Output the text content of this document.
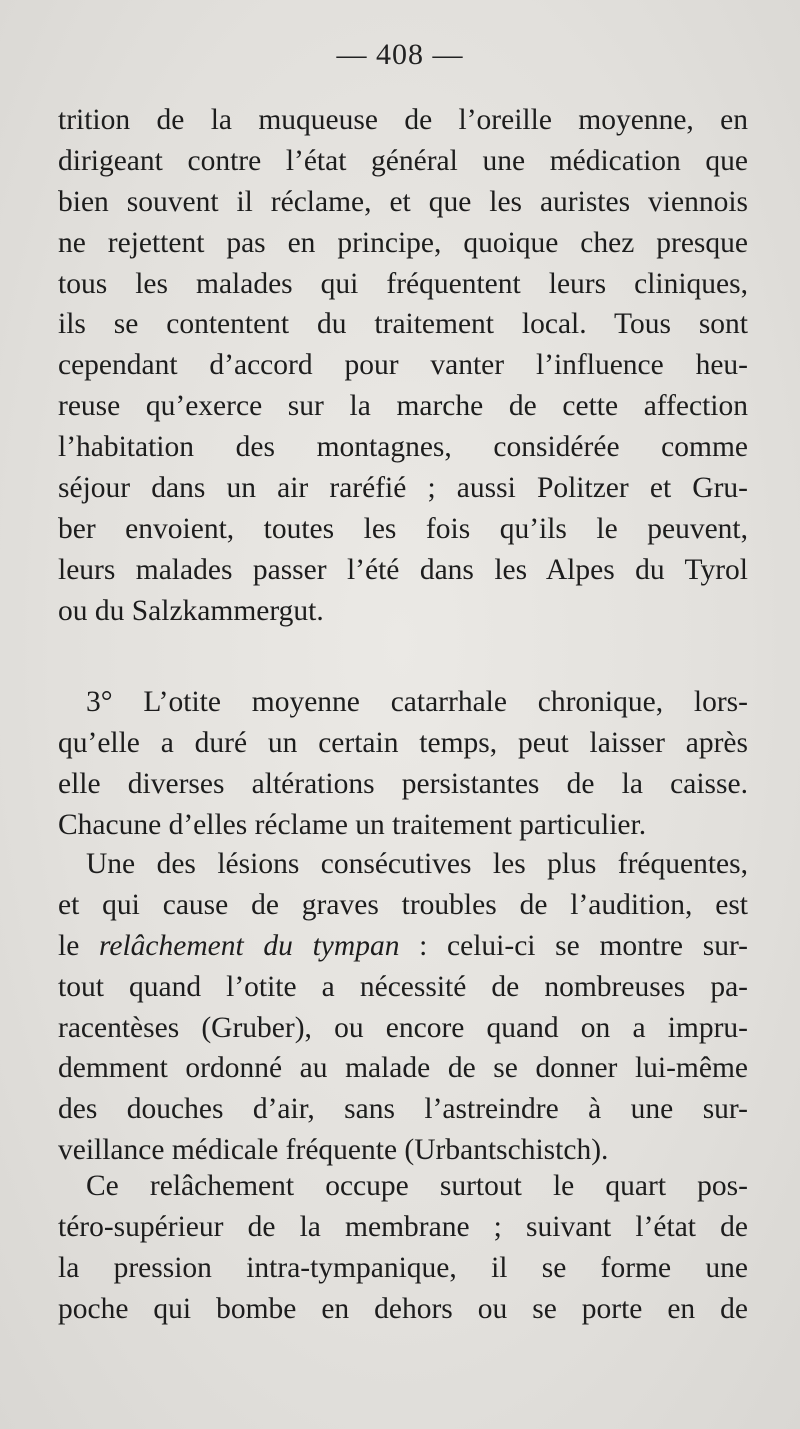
— 408 —
trition de la muqueuse de l’oreille moyenne, en
dirigeant contre l’état général une médication que
bien souvent il réclame, et que les auristes viennois
ne rejettent pas en principe, quoique chez presque
tous les malades qui fréquentent leurs cliniques,
ils se contentent du traitement local. Tous sont
cependant d’accord pour vanter l’influence heu-
reuse qu’exerce sur la marche de cette affection
l’habitation des montagnes, considérée comme
séjour dans un air raréfié ; aussi Politzer et Gru-
ber envoient, toutes les fois qu’ils le peuvent,
leurs malades passer l’été dans les Alpes du Tyrol
ou du Salzkammergut.
3° L’otite moyenne catarrhale chronique, lors-
qu’elle a duré un certain temps, peut laisser après
elle diverses altérations persistantes de la caisse.
Chacune d’elles réclame un traitement particulier.
Une des lésions consécutives les plus fréquentes,
et qui cause de graves troubles de l’audition, est
le relâchement du tympan : celui-ci se montre sur-
tout quand l’otite a nécessité de nombreuses pa-
racentèses (Gruber), ou encore quand on a impru-
demment ordonné au malade de se donner lui-même
des douches d’air, sans l’astreindre à une sur-
veillance médicale fréquente (Urbantschistch).
Ce relâchement occupe surtout le quart pos-
téro-supérieur de la membrane ; suivant l’état de
la pression intra-tympanique, il se forme une
poche qui bombe en dehors ou se porte en de
